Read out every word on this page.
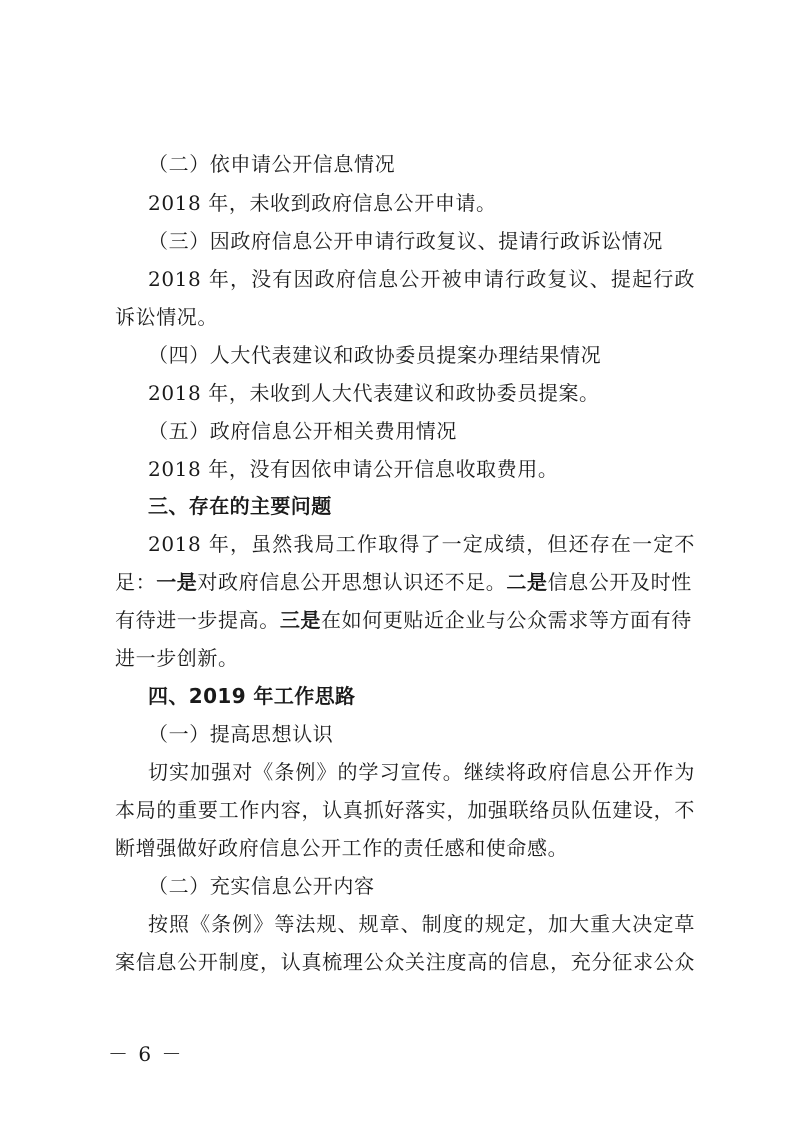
（二）依申请公开信息情况
2018 年，未收到政府信息公开申请。
（三）因政府信息公开申请行政复议、提请行政诉讼情况
2018 年，没有因政府信息公开被申请行政复议、提起行政
诉讼情况。
（四）人大代表建议和政协委员提案办理结果情况
2018 年，未收到人大代表建议和政协委员提案。
（五）政府信息公开相关费用情况
2018 年，没有因依申请公开信息收取费用。
三、存在的主要问题
2018 年，虽然我局工作取得了一定成绩，但还存在一定不
足：一是对政府信息公开思想认识还不足。二是信息公开及时性
有待进一步提高。三是在如何更贴近企业与公众需求等方面有待
进一步创新。
四、2019 年工作思路
（一）提高思想认识
切实加强对《条例》的学习宣传。继续将政府信息公开作为
本局的重要工作内容，认真抓好落实，加强联络员队伍建设，不
断增强做好政府信息公开工作的责任感和使命感。
（二）充实信息公开内容
按照《条例》等法规、规章、制度的规定，加大重大决定草
案信息公开制度，认真梳理公众关注度高的信息，充分征求公众
－ 6 －
